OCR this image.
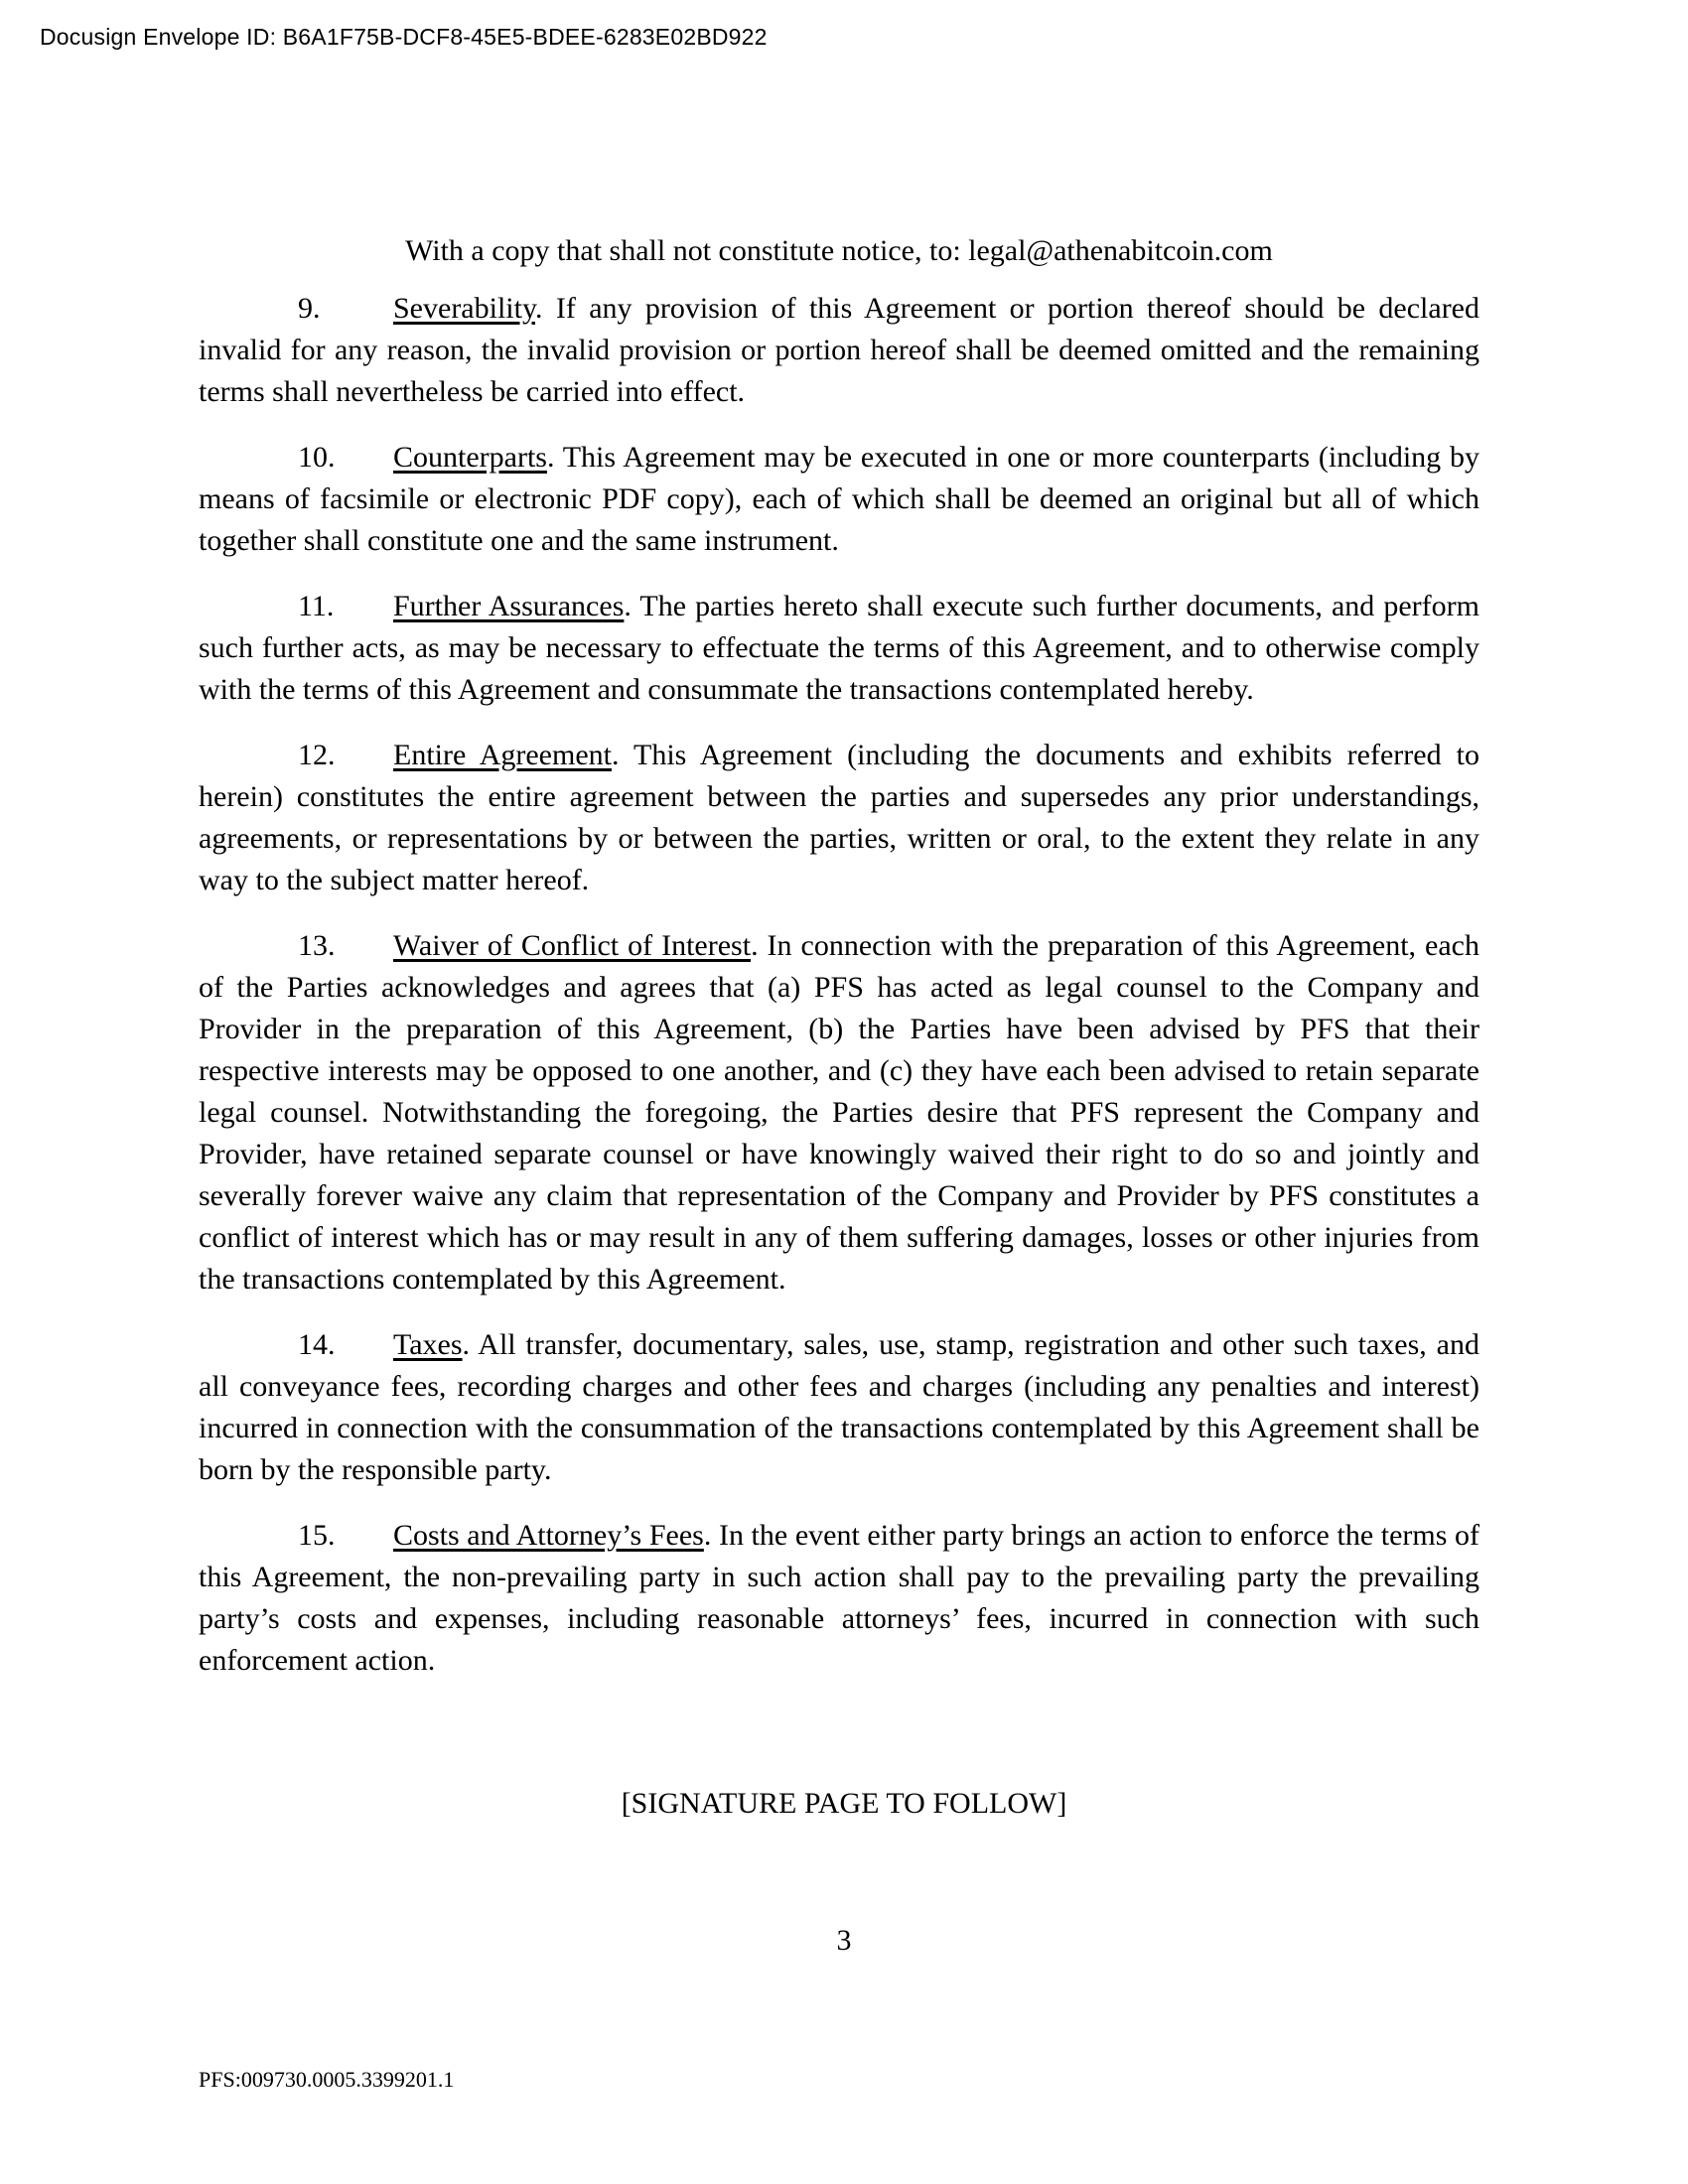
Docusign Envelope ID: B6A1F75B-DCF8-45E5-BDEE-6283E02BD922
With a copy that shall not constitute notice, to: legal@athenabitcoin.com

9. Severability. If any provision of this Agreement or portion thereof should be declared invalid for any reason, the invalid provision or portion hereof shall be deemed omitted and the remaining terms shall nevertheless be carried into effect.

10. Counterparts. This Agreement may be executed in one or more counterparts (including by means of facsimile or electronic PDF copy), each of which shall be deemed an original but all of which together shall constitute one and the same instrument.

11. Further Assurances. The parties hereto shall execute such further documents, and perform such further acts, as may be necessary to effectuate the terms of this Agreement, and to otherwise comply with the terms of this Agreement and consummate the transactions contemplated hereby.

12. Entire Agreement. This Agreement (including the documents and exhibits referred to herein) constitutes the entire agreement between the parties and supersedes any prior understandings, agreements, or representations by or between the parties, written or oral, to the extent they relate in any way to the subject matter hereof.

13. Waiver of Conflict of Interest. In connection with the preparation of this Agreement, each of the Parties acknowledges and agrees that (a) PFS has acted as legal counsel to the Company and Provider in the preparation of this Agreement, (b) the Parties have been advised by PFS that their respective interests may be opposed to one another, and (c) they have each been advised to retain separate legal counsel. Notwithstanding the foregoing, the Parties desire that PFS represent the Company and Provider, have retained separate counsel or have knowingly waived their right to do so and jointly and severally forever waive any claim that representation of the Company and Provider by PFS constitutes a conflict of interest which has or may result in any of them suffering damages, losses or other injuries from the transactions contemplated by this Agreement.

14. Taxes. All transfer, documentary, sales, use, stamp, registration and other such taxes, and all conveyance fees, recording charges and other fees and charges (including any penalties and interest) incurred in connection with the consummation of the transactions contemplated by this Agreement shall be born by the responsible party.

15. Costs and Attorney’s Fees. In the event either party brings an action to enforce the terms of this Agreement, the non-prevailing party in such action shall pay to the prevailing party the prevailing party’s costs and expenses, including reasonable attorneys’ fees, incurred in connection with such enforcement action.

[SIGNATURE PAGE TO FOLLOW]
3
PFS:009730.0005.3399201.1
